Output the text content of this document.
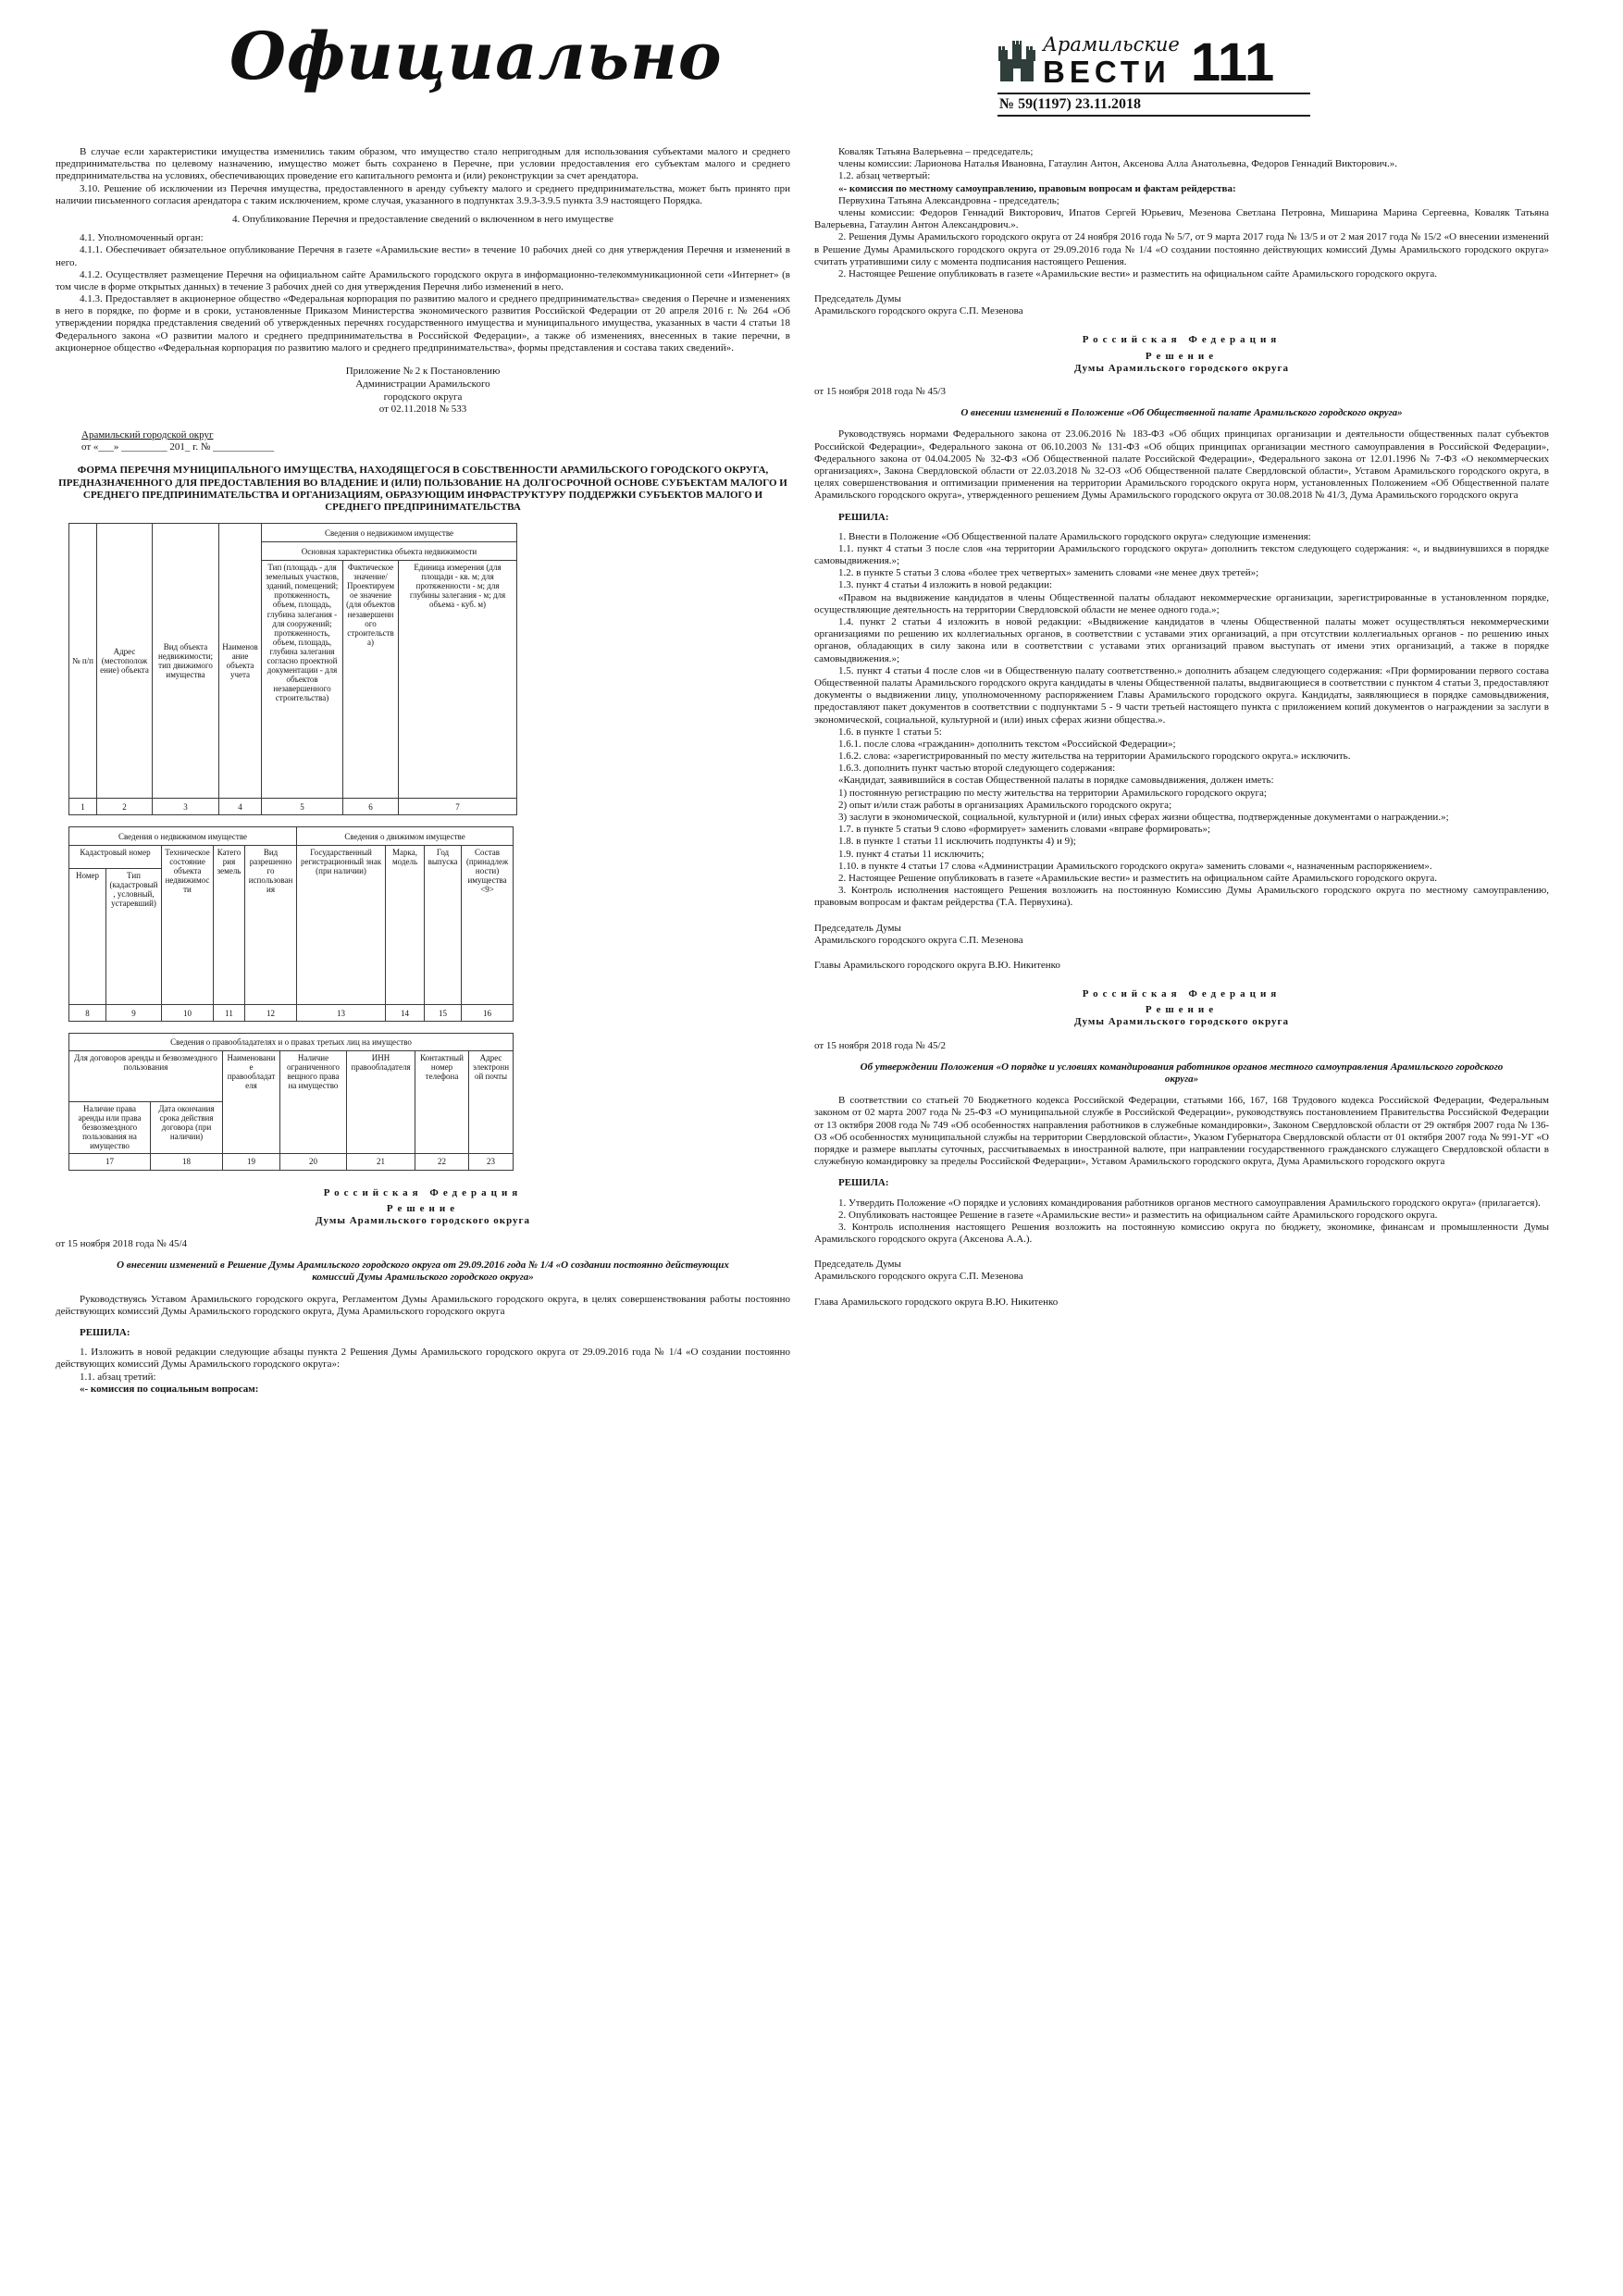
Официально	Арамильские
ВЕСТИ 111
№ 59(1197) 23.11.2018

В случае если характеристики имущества изменились таким образом, что имущество стало непригодным для использования субъектами малого и среднего предпринимательства по целевому назначению, имущество может быть сохранено в Перечне, при условии предоставления его субъектам малого и среднего предпринимательства на условиях, обеспечивающих проведение его капитального ремонта и (или) реконструкции за счет арендатора.

3.10. Решение об исключении из Перечня имущества, предоставленного в аренду субъекту малого и среднего предпринимательства, может быть принято при наличии письменного согласия арендатора с таким исключением, кроме случая, указанного в подпунктах 3.9.3-3.9.5 пункта 3.9 настоящего Порядка.

4. Опубликование Перечня и предоставление сведений о включенном в него имуществе

4.1. Уполномоченный орган:

4.1.1. Обеспечивает обязательное опубликование Перечня в газете «Арамильские вести» в течение 10 рабочих дней со дня утверждения Перечня и изменений в него.

4.1.2. Осуществляет размещение Перечня на официальном сайте Арамильского городского округа в информационно-телекоммуникационной сети «Интернет» (в том числе в форме открытых данных) в течение 3 рабочих дней со дня утверждения Перечня либо изменений в него.

4.1.3. Предоставляет в акционерное общество «Федеральная корпорация по развитию малого и среднего предпринимательства» сведения о Перечне и изменениях в него в порядке, по форме и в сроки, установленные Приказом Министерства экономического развития Российской Федерации от 20 апреля 2016 г. № 264 «Об утверждении порядка представления сведений об утвержденных перечнях государственного имущества и муниципального имущества, указанных в части 4 статьи 18 Федерального закона «О развитии малого и среднего предпринимательства в Российской Федерации», а также об изменениях, внесенных в такие перечни, в акционерное общество «Федеральная корпорация по развитию малого и среднего предпринимательства», формы представления и состава таких сведений».

Приложение № 2 к Постановлению
Администрации Арамильского
городского округа
от 02.11.2018 № 533

Арамильский городской округ

от «___» _________ 201_ г. № ____________

ФОРМА ПЕРЕЧНЯ МУНИЦИПАЛЬНОГО ИМУЩЕСТВА, НАХОДЯЩЕГОСЯ В СОБСТВЕННОСТИ АРАМИЛЬСКОГО ГОРОДСКОГО ОКРУГА, ПРЕДНАЗНАЧЕННОГО ДЛЯ ПРЕДОСТАВЛЕНИЯ ВО ВЛАДЕНИЕ И (ИЛИ) ПОЛЬЗОВАНИЕ НА ДОЛГОСРОЧНОЙ ОСНОВЕ СУБЪЕКТАМ МАЛОГО И СРЕДНЕГО ПРЕДПРИНИМАТЕЛЬСТВА И ОРГАНИЗАЦИЯМ, ОБРАЗУЮЩИМ ИНФРАСТРУКТУРУ ПОДДЕРЖКИ СУБЪЕКТОВ МАЛОГО И СРЕДНЕГО ПРЕДПРИНИМАТЕЛЬСТВА

№ п/п	Адрес (местоположение) объекта	Вид объекта недвижимости; тип движимого имущества	Наименование объекта учета	Сведения о недвижимом имуществе		
				Основная характеристика объекта недвижимости		
				Тип (площадь - для земельных участков, зданий, помещений; протяженность, объем, площадь, глубина залегания - для сооружений; протяженность, объем, площадь, глубина залегания согласно проектной документации - для объектов незавершенного строительства)	Фактическое значение/Проектируемое значение (для объектов незавершенного строительства)	Единица измерения (для площади - кв. м; для протяженности - м; для глубины залегания - м; для объема - куб. м)
1	2	3	4	5	6	7
Сведения о недвижимом имуществе					Сведения о движимом имуществе			
Кадастровый номер		Техническое состояние объекта недвижимости	Категория земель	Вид разрешенного использования	Государственный регистрационный знак (при наличии)	Марка, модель	Год выпуска	Состав (принадлежности) имущества <9>
Номер	Тип (кадастровый, условный, устаревший)							
8	9	10	11	12	13	14	15	16
Сведения о правообладателях и о правах третьих лиц на имущество						
Для договоров аренды и безвозмездного пользования		Наименование правообладателя	Наличие ограниченного вещного права на имущество	ИНН правообладателя	Контактный номер телефона	Адрес электронной почты
Наличие права аренды или права безвозмездного пользования на имущество	Дата окончания срока действия договора (при наличии)					
17	18	19	20	21	22	23
Российская Федерация
Решение
Думы Арамильского городского округа

от 15 ноября 2018 года № 45/4

О внесении изменений в Решение Думы Арамильского городского округа от 29.09.2016 года № 1/4 «О создании постоянно действующих комиссий Думы Арамильского городского округа»

Руководствуясь Уставом Арамильского городского округа, Регламентом Думы Арамильского городского округа, в целях совершенствования работы постоянно действующих комиссий Думы Арамильского городского округа, Дума Арамильского городского округа

РЕШИЛА:

1. Изложить в новой редакции следующие абзацы пункта 2 Решения Думы Арамильского городского округа от 29.09.2016 года № 1/4 «О создании постоянно действующих комиссий Думы Арамильского городского округа»:

1.1. абзац третий:

«- комиссия по социальным вопросам:

Коваляк Татьяна Валерьевна – председатель;

члены комиссии: Ларионова Наталья Ивановна, Гатаулин Антон, Аксенова Алла Анатольевна, Федоров Геннадий Викторович.».

1.2. абзац четвертый:

«- комиссия по местному самоуправлению, правовым вопросам и фактам рейдерства:

Первухина Татьяна Александровна - председатель;

члены комиссии: Федоров Геннадий Викторович, Ипатов Сергей Юрьевич, Мезенова Светлана Петровна, Мишарина Марина Сергеевна, Коваляк Татьяна Валерьевна, Гатаулин Антон Александрович.».

2. Решения Думы Арамильского городского округа от 24 ноября 2016 года № 5/7, от 9 марта 2017 года № 13/5 и от 2 мая 2017 года № 15/2 «О внесении изменений в Решение Думы Арамильского городского округа от 29.09.2016 года № 1/4 «О создании постоянно действующих комиссий Думы Арамильского городского округа» считать утратившими силу с момента подписания настоящего Решения.

2. Настоящее Решение опубликовать в газете «Арамильские вести» и разместить на официальном сайте Арамильского городского округа.

Председатель Думы

Арамильского городского округа С.П. Мезенова

Российская Федерация
Решение
Думы Арамильского городского округа

от 15 ноября 2018 года № 45/3

О внесении изменений в Положение «Об Общественной палате Арамильского городского округа»

Руководствуясь нормами Федерального закона от 23.06.2016 № 183-ФЗ «Об общих принципах организации и деятельности общественных палат субъектов Российской Федерации», Федерального закона от 06.10.2003 № 131-ФЗ «Об общих принципах организации местного самоуправления в Российской Федерации», Федерального закона от 04.04.2005 № 32-ФЗ «Об Общественной палате Российской Федерации», Федерального закона от 12.01.1996 № 7-ФЗ «О некоммерческих организациях», Закона Свердловской области от 22.03.2018 № 32-ОЗ «Об Общественной палате Свердловской области», Уставом Арамильского городского округа, в целях совершенствования и оптимизации применения на территории Арамильского городского округа норм, установленных Положением «Об Общественной палате Арамильского городского округа», утвержденного решением Думы Арамильского городского округа от 30.08.2018 № 41/3, Дума Арамильского городского округа

РЕШИЛА:

1. Внести в Положение «Об Общественной палате Арамильского городского округа» следующие изменения:

1.1. пункт 4 статьи 3 после слов «на территории Арамильского городского округа» дополнить текстом следующего содержания: «, и выдвинувшихся в порядке самовыдвижения.»;

1.2. в пункте 5 статьи 3 слова «более трех четвертых» заменить словами «не менее двух третей»;

1.3. пункт 4 статьи 4 изложить в новой редакции:

«Правом на выдвижение кандидатов в члены Общественной палаты обладают некоммерческие организации, зарегистрированные в установленном порядке, осуществляющие деятельность на территории Свердловской области не менее одного года.»;

1.4. пункт 2 статьи 4 изложить в новой редакции: «Выдвижение кандидатов в члены Общественной палаты может осуществляться некоммерческими организациями по решению их коллегиальных органов, в соответствии с уставами этих организаций, а при отсутствии коллегиальных органов - по решению иных органов, обладающих в силу закона или в соответствии с уставами этих организаций правом выступать от имени этих организаций, а также в порядке самовыдвижения.»;

1.5. пункт 4 статьи 4 после слов «и в Общественную палату соответственно.» дополнить абзацем следующего содержания: «При формировании первого состава Общественной палаты Арамильского городского округа кандидаты в члены Общественной палаты, выдвигающиеся в соответствии с пунктом 4 статьи 3, предоставляют документы о выдвижении лицу, уполномоченному распоряжением Главы Арамильского городского округа. Кандидаты, заявляющиеся в порядке самовыдвижения, предоставляют пакет документов в соответствии с подпунктами 5 - 9 части третьей настоящего пункта с приложением копий документов о награждении за заслуги в экономической, социальной, культурной и (или) иных сферах жизни общества.».

1.6. в пункте 1 статьи 5:

1.6.1. после слова «гражданин» дополнить текстом «Российской Федерации»;

1.6.2. слова: «зарегистрированный по месту жительства на территории Арамильского городского округа.» исключить.

1.6.3. дополнить пункт частью второй следующего содержания:

«Кандидат, заявившийся в состав Общественной палаты в порядке самовыдвижения, должен иметь:

1) постоянную регистрацию по месту жительства на территории Арамильского городского округа;

2) опыт и/или стаж работы в организациях Арамильского городского округа;

3) заслуги в экономической, социальной, культурной и (или) иных сферах жизни общества, подтвержденные документами о награждении.»;

1.7. в пункте 5 статьи 9 слово «формирует» заменить словами «вправе формировать»;

1.8. в пункте 1 статьи 11 исключить подпункты 4) и 9);

1.9. пункт 4 статьи 11 исключить;

1.10. в пункте 4 статьи 17 слова «Администрации Арамильского городского округа» заменить словами «, назначенным распоряжением».

2. Настоящее Решение опубликовать в газете «Арамильские вести» и разместить на официальном сайте Арамильского городского округа.

3. Контроль исполнения настоящего Решения возложить на постоянную Комиссию Думы Арамильского городского округа по местному самоуправлению, правовым вопросам и фактам рейдерства (Т.А. Первухина).

Председатель Думы

Арамильского городского округа С.П. Мезенова

Главы Арамильского городского округа В.Ю. Никитенко

Российская Федерация
Решение
Думы Арамильского городского округа

от 15 ноября 2018 года № 45/2

Об утверждении Положения «О порядке и условиях командирования работников органов местного самоуправления Арамильского городского округа»

В соответствии со статьей 70 Бюджетного кодекса Российской Федерации, статьями 166, 167, 168 Трудового кодекса Российской Федерации, Федеральным законом от 02 марта 2007 года № 25-ФЗ «О муниципальной службе в Российской Федерации», руководствуясь постановлением Правительства Российской Федерации от 13 октября 2008 года № 749 «Об особенностях направления работников в служебные командировки», Законом Свердловской области от 29 октября 2007 года № 136-ОЗ «Об особенностях муниципальной службы на территории Свердловской области», Указом Губернатора Свердловской области от 01 октября 2007 года № 991-УГ «О порядке и размере выплаты суточных, рассчитываемых в иностранной валюте, при направлении государственного гражданского служащего Свердловской области в служебную командировку за пределы Российской Федерации», Уставом Арамильского городского округа, Дума Арамильского городского округа

РЕШИЛА:

1. Утвердить Положение «О порядке и условиях командирования работников органов местного самоуправления Арамильского городского округа» (прилагается).

2. Опубликовать настоящее Решение в газете «Арамильские вести» и разместить на официальном сайте Арамильского городского округа.

3. Контроль исполнения настоящего Решения возложить на постоянную комиссию округа по бюджету, экономике, финансам и промышленности Думы Арамильского городского округа (Аксенова А.А.).

Председатель Думы

Арамильского городского округа С.П. Мезенова

Глава Арамильского городского округа В.Ю. Никитенко
